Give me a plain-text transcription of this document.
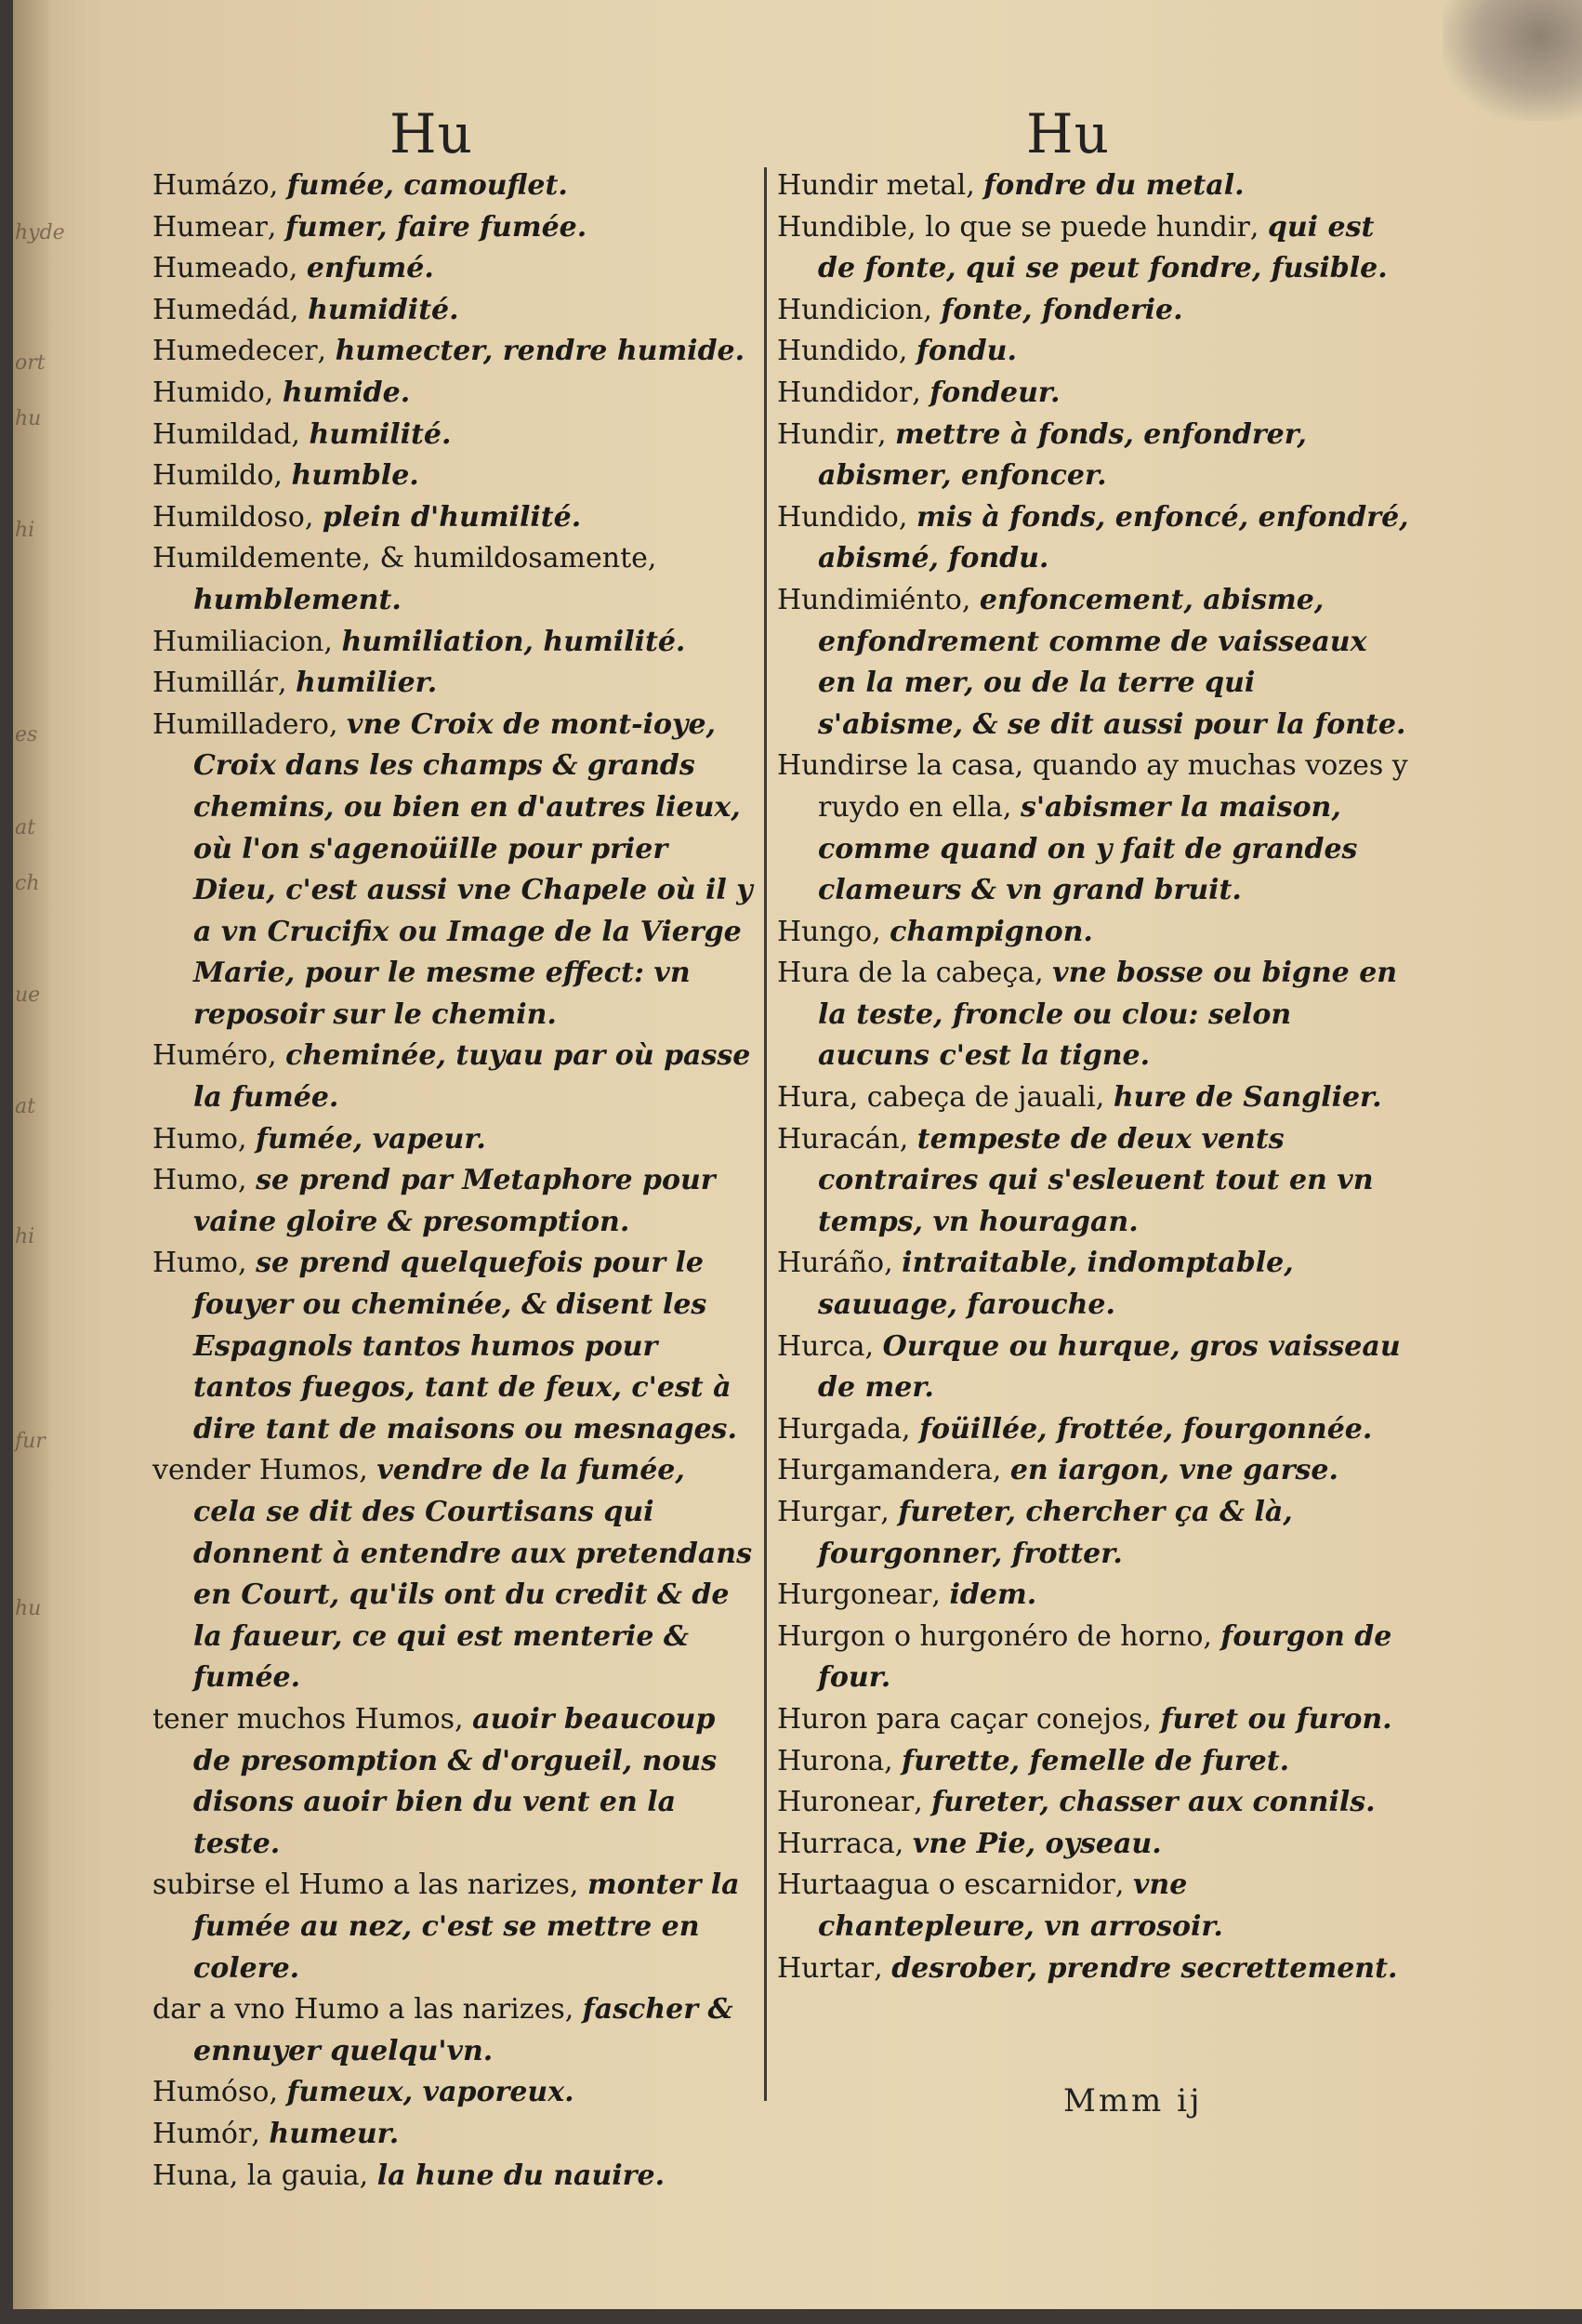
hyde
ort
hu
hi
es
at
ch
ue
at
hi
fur
hu
Hu	Hu

Humázo, fumée, camouflet.

Humear, fumer, faire fumée.

Humeado, enfumé.

Humedád, humidité.

Humedecer, humecter, rendre humide.

Humido, humide.

Humildad, humilité.

Humildo, humble.

Humildoso, plein d'humilité.

Humildemente, & humildosamente, humblement.

Humiliacion, humiliation, humilité.

Humillár, humilier.

Humilladero, vne Croix de mont-ioye, Croix dans les champs & grands chemins, ou bien en d'autres lieux, où l'on s'agenoüille pour prier Dieu, c'est aussi vne Chapele où il y a vn Crucifix ou Image de la Vierge Marie, pour le mesme effect: vn reposoir sur le chemin.

Huméro, cheminée, tuyau par où passe la fumée.

Humo, fumée, vapeur.

Humo, se prend par Metaphore pour vaine gloire & presomption.

Humo, se prend quelquefois pour le fouyer ou cheminée, & disent les Espagnols tantos humos pour tantos fuegos, tant de feux, c'est à dire tant de maisons ou mesnages.

vender Humos, vendre de la fumée, cela se dit des Courtisans qui donnent à entendre aux pretendans en Court, qu'ils ont du credit & de la faueur, ce qui est menterie & fumée.

tener muchos Humos, auoir beaucoup de presomption & d'orgueil, nous disons auoir bien du vent en la teste.

subirse el Humo a las narizes, monter la fumée au nez, c'est se mettre en colere.

dar a vno Humo a las narizes, fascher & ennuyer quelqu'vn.

Humóso, fumeux, vaporeux.

Humór, humeur.

Huna, la gauia, la hune du nauire.

Hundir metal, fondre du metal.

Hundible, lo que se puede hundir, qui est de fonte, qui se peut fondre, fusible.

Hundicion, fonte, fonderie.

Hundido, fondu.

Hundidor, fondeur.

Hundir, mettre à fonds, enfondrer, abismer, enfoncer.

Hundido, mis à fonds, enfoncé, enfondré, abismé, fondu.

Hundimiénto, enfoncement, abisme, enfondrement comme de vaisseaux en la mer, ou de la terre qui s'abisme, & se dit aussi pour la fonte.

Hundirse la casa, quando ay muchas vozes y ruydo en ella, s'abismer la maison, comme quand on y fait de grandes clameurs & vn grand bruit.

Hungo, champignon.

Hura de la cabeça, vne bosse ou bigne en la teste, froncle ou clou: selon aucuns c'est la tigne.

Hura, cabeça de jauali, hure de Sanglier.

Huracán, tempeste de deux vents contraires qui s'esleuent tout en vn temps, vn houragan.

Huráño, intraitable, indomptable, sauuage, farouche.

Hurca, Ourque ou hurque, gros vaisseau de mer.

Hurgada, foüillée, frottée, fourgonnée.

Hurgamandera, en iargon, vne garse.

Hurgar, fureter, chercher ça & là, fourgonner, frotter.

Hurgonear, idem.

Hurgon o hurgonéro de horno, fourgon de four.

Huron para caçar conejos, furet ou furon.

Hurona, furette, femelle de furet.

Huronear, fureter, chasser aux connils.

Hurraca, vne Pie, oyseau.

Hurtaagua o escarnidor, vne chantepleure, vn arrosoir.

Hurtar, desrober, prendre secrettement.

Mmm ij
